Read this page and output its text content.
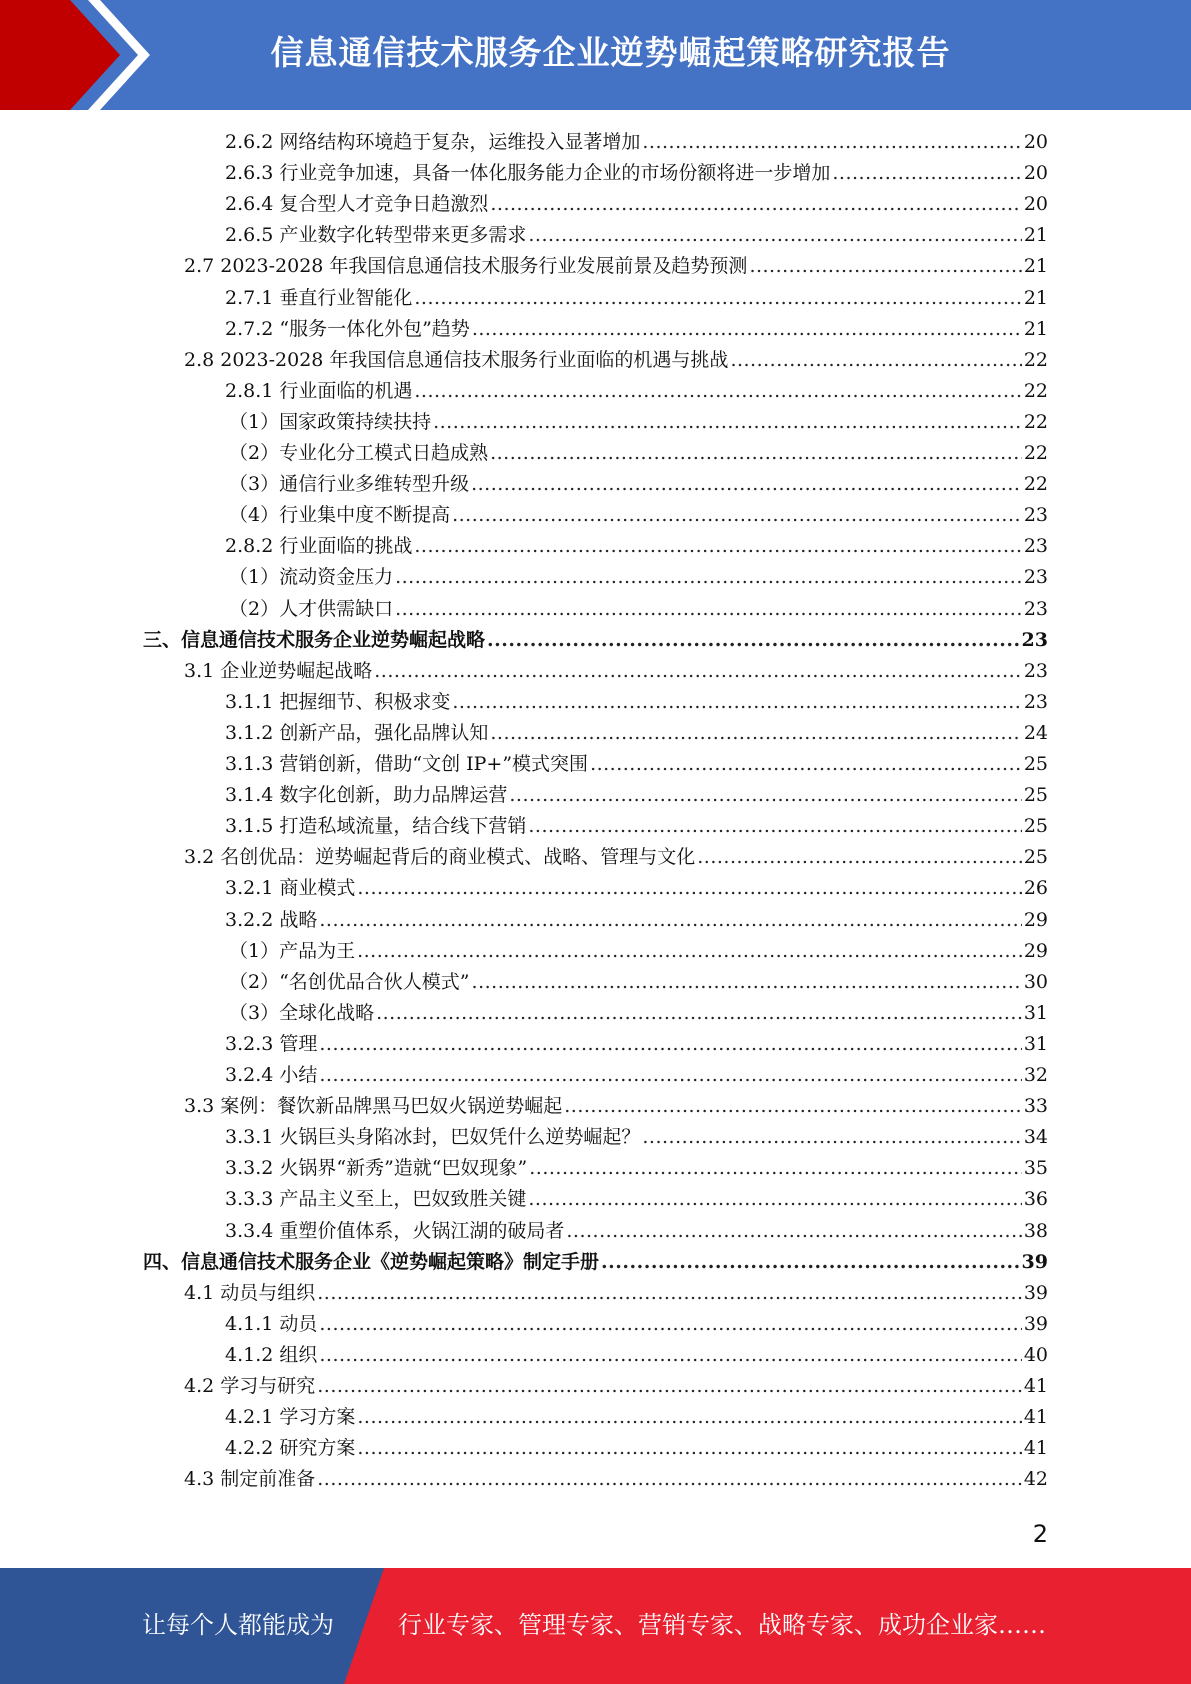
信息通信技术服务企业逆势崛起策略研究报告
2.6.2 网络结构环境趋于复杂，运维投入显著增加 .....	20
2.6.3 行业竞争加速，具备一体化服务能力企业的市场份额将进一步增加 .....	20
2.6.4 复合型人才竞争日趋激烈 .....	20
2.6.5 产业数字化转型带来更多需求 .....	21
2.7 2023-2028 年我国信息通信技术服务行业发展前景及趋势预测 .....	21
2.7.1 垂直行业智能化 .....	21
2.7.2 “服务一体化外包”趋势 .....	21
2.8 2023-2028 年我国信息通信技术服务行业面临的机遇与挑战 .....	22
2.8.1 行业面临的机遇 .....	22
（1）国家政策持续扶持 .....	22
（2）专业化分工模式日趋成熟 .....	22
（3）通信行业多维转型升级 .....	22
（4）行业集中度不断提高 .....	23
2.8.2 行业面临的挑战 .....	23
（1）流动资金压力 .....	23
（2）人才供需缺口 .....	23
三、信息通信技术服务企业逆势崛起战略 .....	23
3.1 企业逆势崛起战略 .....	23
3.1.1 把握细节、积极求变 .....	23
3.1.2 创新产品，强化品牌认知 .....	24
3.1.3 营销创新，借助“文创 IP+”模式突围 .....	25
3.1.4 数字化创新，助力品牌运营 .....	25
3.1.5 打造私域流量，结合线下营销 .....	25
3.2 名创优品：逆势崛起背后的商业模式、战略、管理与文化 .....	25
3.2.1 商业模式 .....	26
3.2.2 战略 .....	29
（1）产品为王 .....	29
（2）“名创优品合伙人模式” .....	30
（3）全球化战略 .....	31
3.2.3 管理 .....	31
3.2.4 小结 .....	32
3.3 案例：餐饮新品牌黑马巴奴火锅逆势崛起 .....	33
3.3.1 火锅巨头身陷冰封，巴奴凭什么逆势崛起？ .....	34
3.3.2 火锅界“新秀”造就“巴奴现象” .....	35
3.3.3 产品主义至上，巴奴致胜关键 .....	36
3.3.4 重塑价值体系，火锅江湖的破局者 .....	38
四、信息通信技术服务企业《逆势崛起策略》制定手册 .....	39
4.1 动员与组织 .....	39
4.1.1 动员 .....	39
4.1.2 组织 .....	40
4.2 学习与研究 .....	41
4.2.1 学习方案 .....	41
4.2.2 研究方案 .....	41
4.3 制定前准备 .....	42
2
让每个人都能成为	行业专家、管理专家、营销专家、战略专家、成功企业家……
